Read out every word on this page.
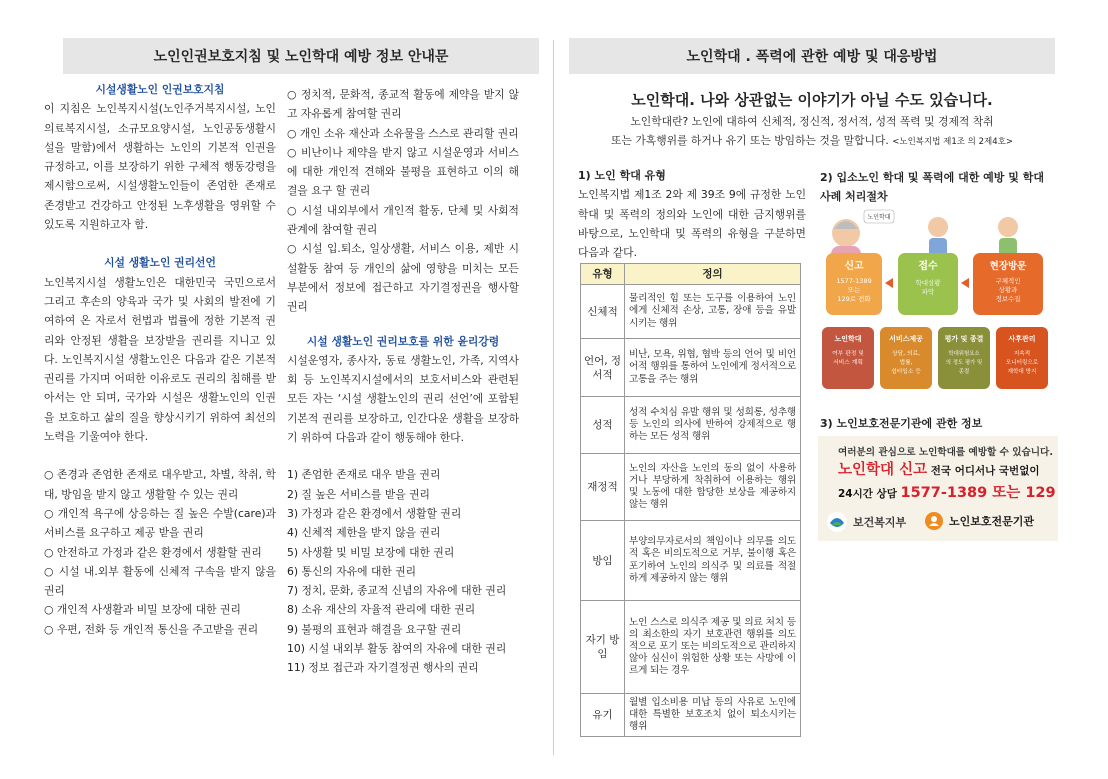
노인인권보호지침 및 노인학대 예방 정보 안내문	노인학대 . 폭력에 관한 예방 및 대응방법
시설생활노인 인권보호지침
이 지침은 노인복지시설(노인주거복지시설, 노인의료복지시설, 소규모요양시설, 노인공동생활시설을 말함)에서 생활하는 노인의 기본적 인권을 규정하고, 이를 보장하기 위한 구체적 행동강령을 제시함으로써, 시설생활노인들이 존엄한 존재로 존경받고 건강하고 안정된 노후생활을 영위할 수 있도록 지원하고자 함.
시설 생활노인 권리선언
노인복지시설 생활노인은 대한민국 국민으로서 그리고 후손의 양육과 국가 및 사회의 발전에 기여하여 온 자로서 헌법과 법률에 정한 기본적 권리와 안정된 생활을 보장받을 권리를 지니고 있다. 노인복지시설 생활노인은 다음과 같은 기본적 권리를 가지며 어떠한 이유로도 권리의 침해를 받아서는 안 되며, 국가와 시설은 생활노인의 인권을 보호하고 삶의 질을 향상시키기 위하여 최선의 노력을 기울여야 한다.
○ 존경과 존엄한 존재로 대우받고, 차별, 착취, 학대, 방임을 받지 않고 생활할 수 있는 권리
○ 개인적 욕구에 상응하는 질 높은 수발(care)과 서비스를 요구하고 제공 받을 권리
○ 안전하고 가정과 같은 환경에서 생활할 권리
○ 시설 내.외부 활동에 신체적 구속을 받지 않을 권리
○ 개인적 사생활과 비밀 보장에 대한 권리
○ 우편, 전화 등 개인적 통신을 주고받을 권리
○ 정치적, 문화적, 종교적 활동에 제약을 받지 않고 자유롭게 참여할 권리
○ 개인 소유 재산과 소유물을 스스로 관리할 권리
○ 비난이나 제약을 받지 않고 시설운영과 서비스에 대한 개인적 견해와 불평을 표현하고 이의 해결을 요구 할 권리
○ 시설 내외부에서 개인적 활동, 단체 및 사회적 관계에 참여할 권리
○ 시설 입.퇴소, 일상생활, 서비스 이용, 제반 시설활동 참여 등 개인의 삶에 영향을 미치는 모든 부분에서 정보에 접근하고 자기결정권을 행사할 권리
시설 생활노인 권리보호를 위한 윤리강령
시설운영자, 종사자, 동료 생활노인, 가족, 지역사회 등 노인복지시설에서의 보호서비스와 관련된 모든 자는 ‘시설 생활노인의 권리 선언’에 포함된 기본적 권리를 보장하고, 인간다운 생활을 보장하기 위하여 다음과 같이 행동해야 한다.
1) 존엄한 존재로 대우 받을 권리
2) 질 높은 서비스를 받을 권리
3) 가정과 같은 환경에서 생활할 권리
4) 신체적 제한을 받지 않을 권리
5) 사생활 및 비밀 보장에 대한 권리
6) 통신의 자유에 대한 권리
7) 정치, 문화, 종교적 신념의 자유에 대한 권리
8) 소유 재산의 자율적 관리에 대한 권리
9) 불평의 표현과 해결을 요구할 권리
10) 시설 내외부 활동 참여의 자유에 대한 권리
11) 정보 접근과 자기결정권 행사의 권리
노인학대. 나와 상관없는 이야기가 아닐 수도 있습니다.
노인학대란? 노인에 대하여 신체적, 정신적, 정서적, 성적 폭력 및 경제적 착취
또는 가혹행위를 하거나 유기 또는 방임하는 것을 말합니다. <노인복지법 제1조 의 2제4호>
1) 노인 학대 유형
노인복지법 제1조 2와 제 39조 9에 규정한 노인학대 및 폭력의 정의와 노인에 대한 금지행위를 바탕으로, 노인학대 및 폭력의 유형을 구분하면 다음과 같다.
유형	정의
신체적	물리적인 힘 또는 도구를 이용하여 노인에게 신체적 손상, 고통, 장애 등을 유발시키는 행위
언어, 정서적	비난, 모욕, 위협, 협박 등의 언어 및 비언어적 행위를 통하여 노인에게 정서적으로 고통을 주는 행위
성적	성적 수치심 유발 행위 및 성희롱, 성추행 등 노인의 의사에 반하여 강제적으로 행하는 모든 성적 행위
재정적	노인의 자산을 노인의 동의 없이 사용하거나 부당하게 착취하여 이용하는 행위 및 노동에 대한 합당한 보상을 제공하지 않는 행위
방임	부양의무자로서의 책임이나 의무를 의도적 혹은 비의도적으로 거부, 불이행 혹은 포기하여 노인의 의식주 및 의료를 적절하게 제공하지 않는 행위
자기 방임	노인 스스로 의식주 제공 및 의료 처치 등의 최소한의 자기 보호관련 행위를 의도적으로 포기 또는 비의도적으로 관리하지 않아 심신이 위험한 상황 또는 사망에 이르게 되는 경우
유기	월별 입소비용 미납 등의 사유로 노인에 대한 특별한 보호조치 없이 퇴소시키는 행위
2) 입소노인 학대 및 폭력에 대한 예방 및 학대 사례 처리절차
노인학대
신고
1577-1389
또는
129로 전화
접수
학대상황
파악
현장방문
구체적인
상황과
정보수집
노인학대
여부 판정 및
서비스 계획
서비스제공
상담, 의료,
법률,
쉼터입소 등
평가 및 종결
학대위험요소
의 정도 평가 및
종결
사후관리
지속적
모니터링으로
재학대 방지
3) 노인보호전문기관에 관한 정보
여러분의 관심으로 노인학대를 예방할 수 있습니다.
노인학대 신고 전국 어디서나 국번없이
24시간 상담 1577-1389 또는 129
보건복지부	노인보호전문기관
